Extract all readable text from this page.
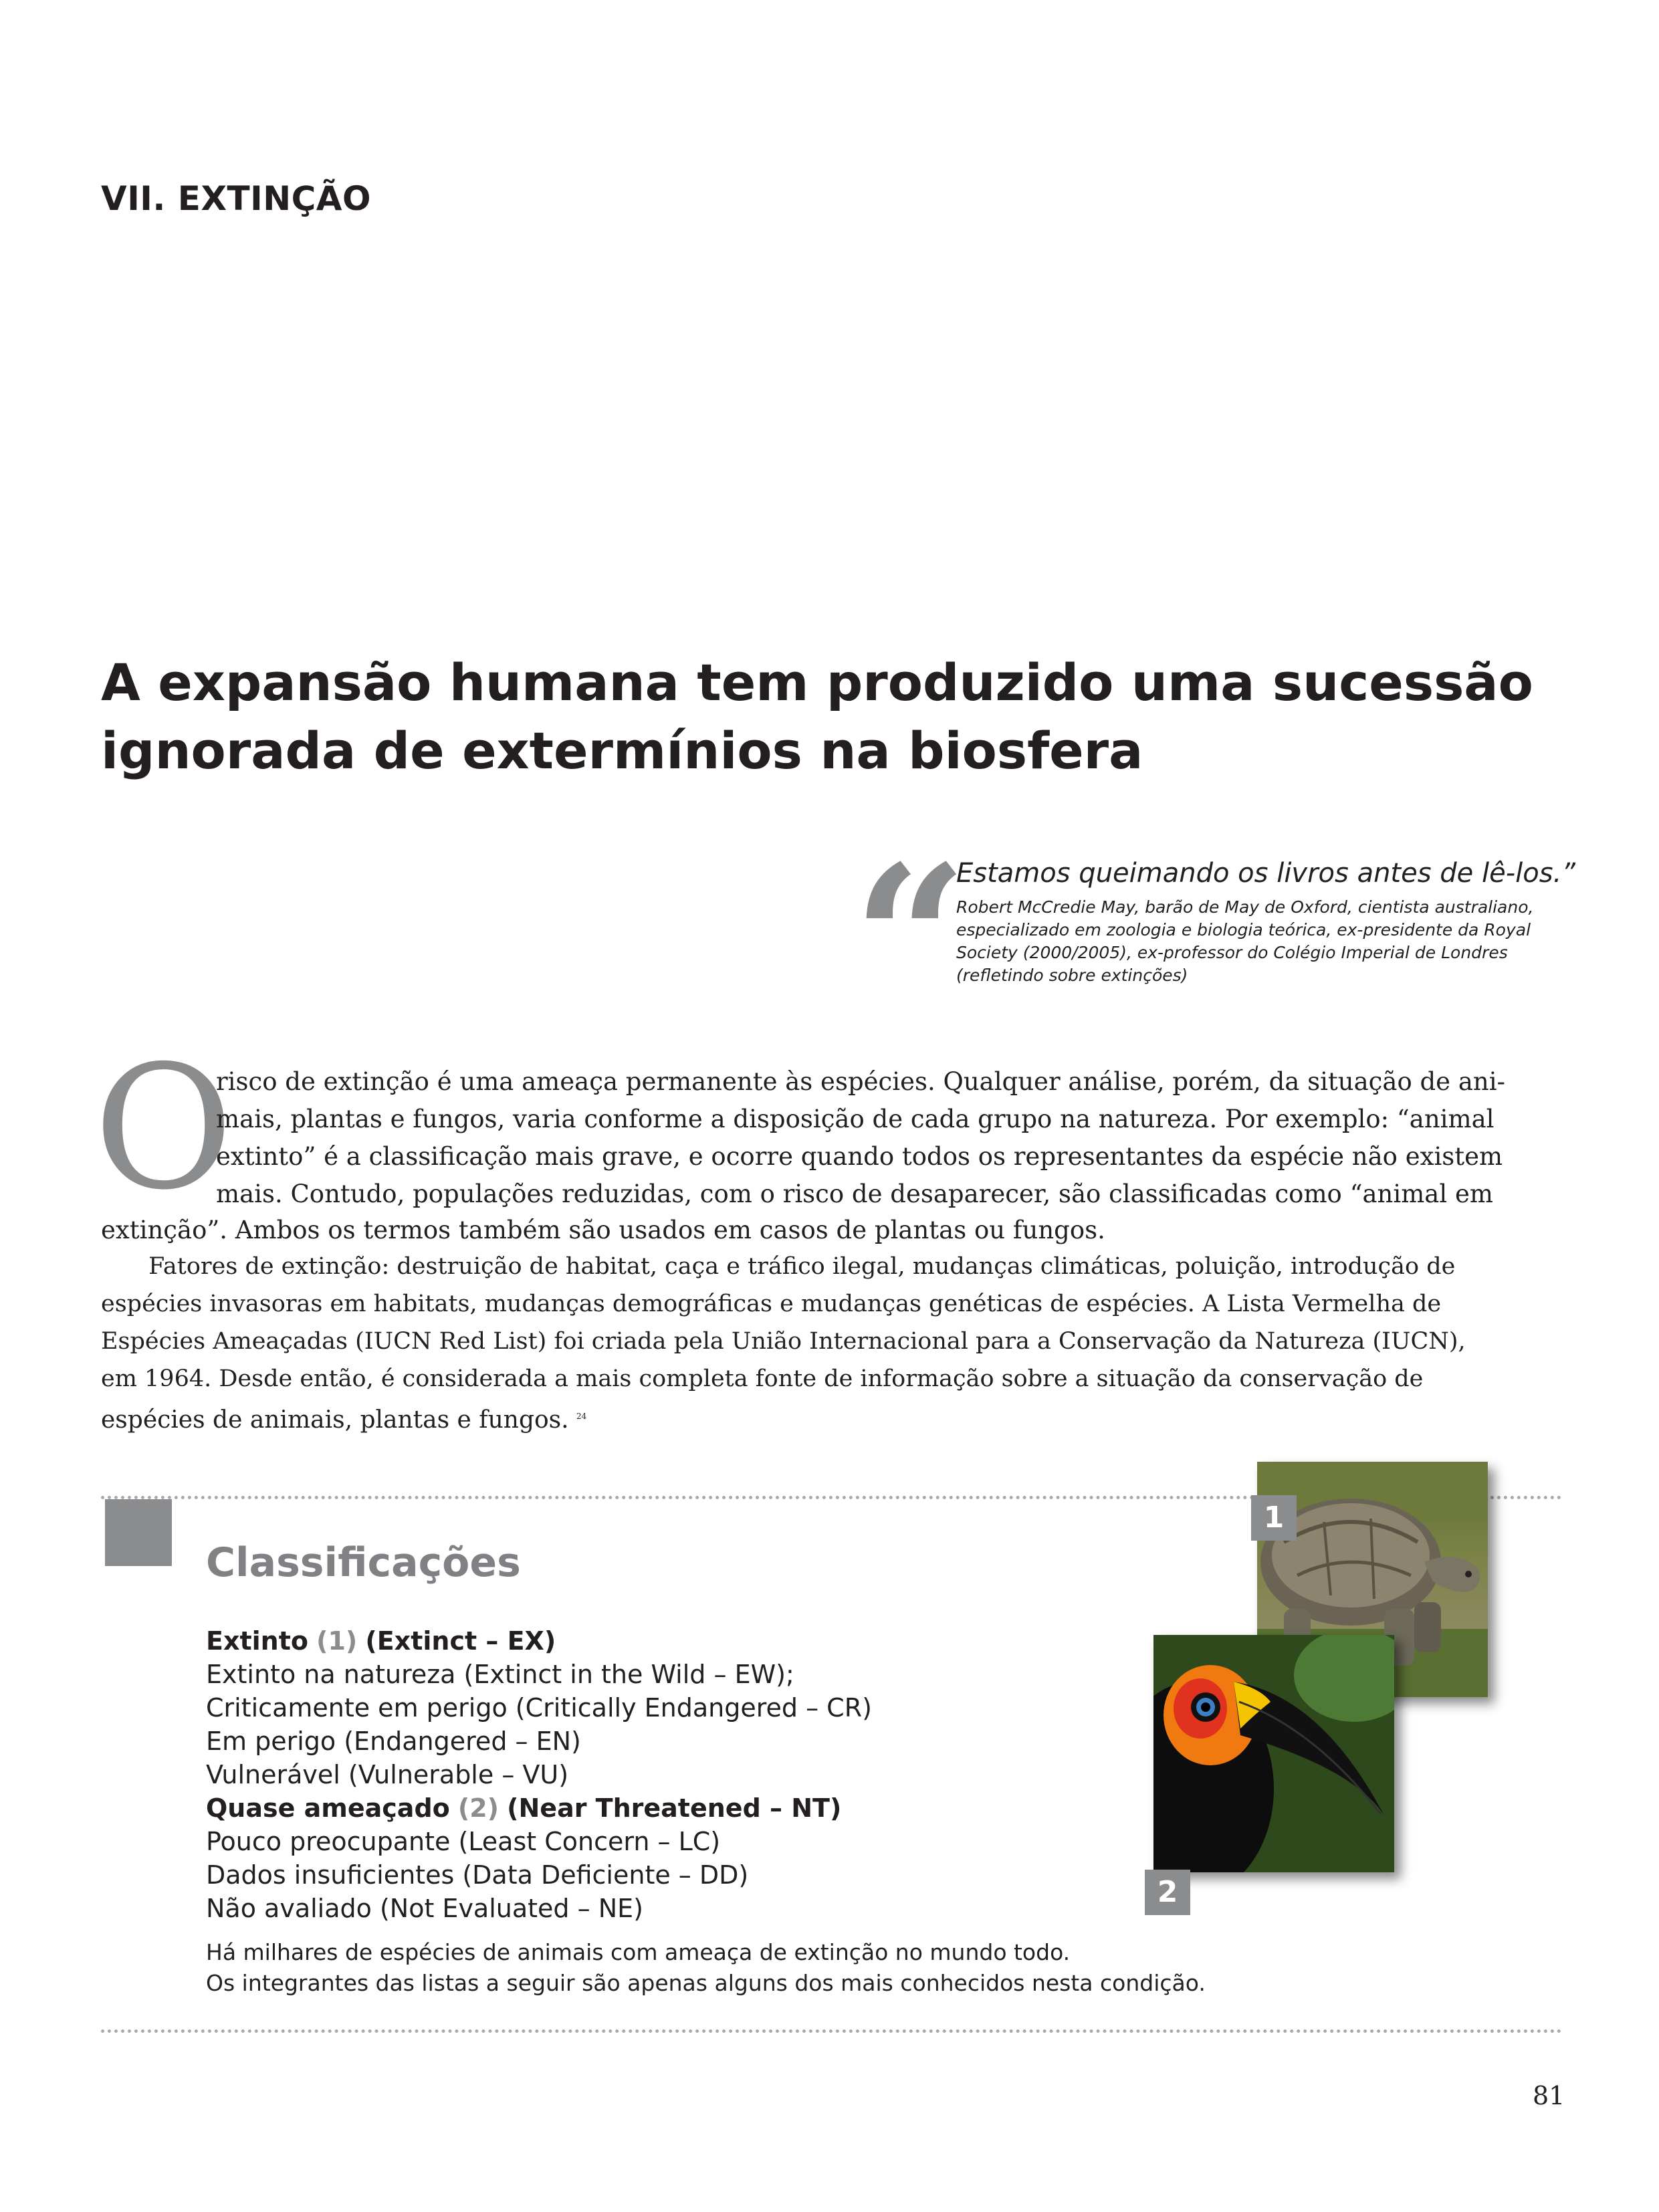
VII. EXTINÇÃO
A expansão humana tem produzido uma sucessão
ignorada de extermínios na biosfera
“
Estamos queimando os livros antes de lê-los.”
Robert McCredie May, barão de May de Oxford, cientista australiano,
especializado em zoologia e biologia teórica, ex-presidente da Royal
Society (2000/2005), ex-professor do Colégio Imperial de Londres
(refletindo sobre extinções)
O
risco de extinção é uma ameaça permanente às espécies. Qualquer análise, porém, da situação de ani-
mais, plantas e fungos, varia conforme a disposição de cada grupo na natureza. Por exemplo: “animal
extinto” é a classificação mais grave, e ocorre quando todos os representantes da espécie não existem
mais. Contudo, populações reduzidas, com o risco de desaparecer, são classificadas como “animal em
extinção”. Ambos os termos também são usados em casos de plantas ou fungos.
Fatores de extinção: destruição de habitat, caça e tráfico ilegal, mudanças climáticas, poluição, introdução de
espécies invasoras em habitats, mudanças demográficas e mudanças genéticas de espécies. A Lista Vermelha de
Espécies Ameaçadas (IUCN Red List) foi criada pela União Internacional para a Conservação da Natureza (IUCN),
em 1964. Desde então, é considerada a mais completa fonte de informação sobre a situação da conservação de
espécies de animais, plantas e fungos. $^{24}$
Classificações
Extinto (1) (Extinct – EX)
Extinto na natureza (Extinct in the Wild – EW);
Criticamente em perigo (Critically Endangered – CR)
Em perigo (Endangered – EN)
Vulnerável (Vulnerable – VU)
Quase ameaçado (2) (Near Threatened – NT)
Pouco preocupante (Least Concern – LC)
Dados insuficientes (Data Deficiente – DD)
Não avaliado (Not Evaluated – NE)
Há milhares de espécies de animais com ameaça de extinção no mundo todo.
Os integrantes das listas a seguir são apenas alguns dos mais conhecidos nesta condição.
1
2
81
